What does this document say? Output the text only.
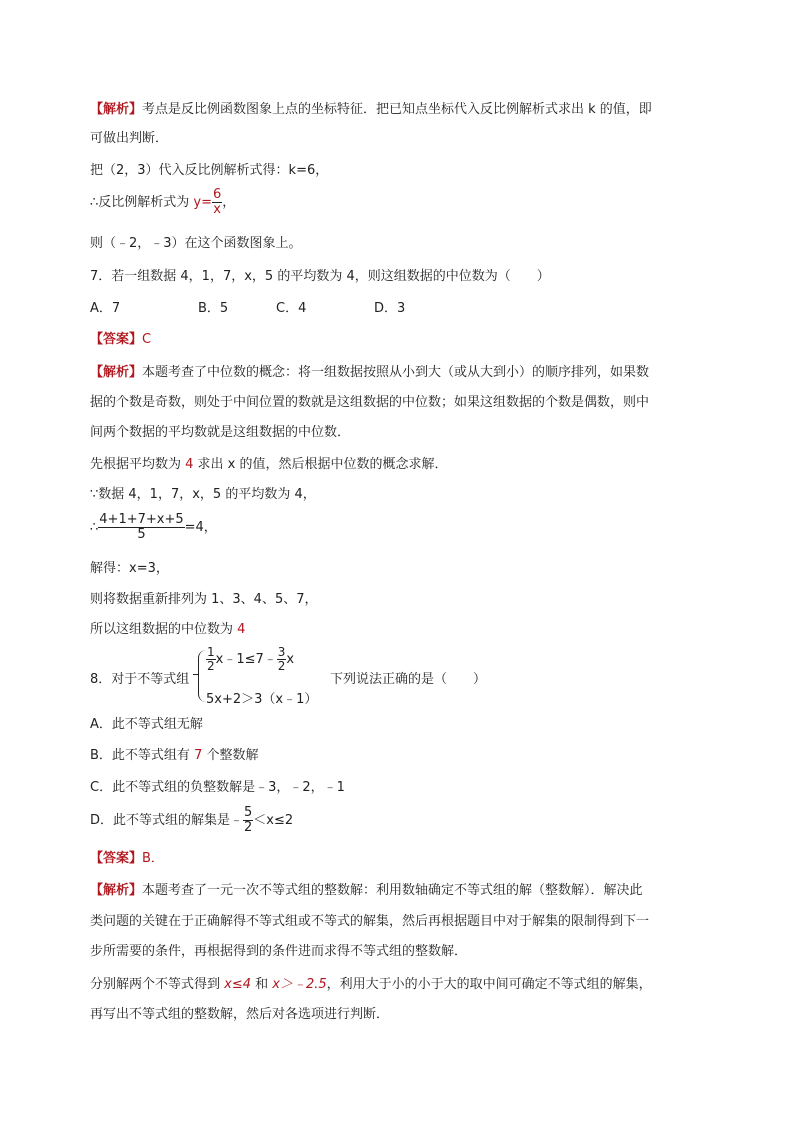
【解析】考点是反比例函数图象上点的坐标特征．把已知点坐标代入反比例解析式求出 k 的值，即
可做出判断．
把（2，3）代入反比例解析式得：k=6，
∴反比例解析式为 $y= \frac{6}{x}$ ，
则（﹣2，﹣3）在这个函数图象上。
7．若一组数据 4，1，7，x，5 的平均数为 4，则这组数据的中位数为（　　）
A．7	B．5	C．4	D．3
【答案】C
【解析】本题考查了中位数的概念：将一组数据按照从小到大（或从大到小）的顺序排列，如果数
据的个数是奇数，则处于中间位置的数就是这组数据的中位数；如果这组数据的个数是偶数，则中
间两个数据的平均数就是这组数据的中位数．
先根据平均数为 4 求出 x 的值，然后根据中位数的概念求解．
∵数据 4，1，7，x，5 的平均数为 4，
∴ $\frac{4+1+7+x+5}{5} =4$，
解得：x=3，
则将数据重新排列为 1、3、4、5、7，
所以这组数据的中位数为 4
8．对于不等式组
$\frac{1}{2}x﹣1\le 7﹣ \frac{3}{2}x$
5x+2＞3（x﹣1）
下列说法正确的是（　　）
A．此不等式组无解
B．此不等式组有 7 个整数解
C．此不等式组的负整数解是﹣3，﹣2，﹣1
D．此不等式组的解集是﹣ $\frac{5}{2} <x\le 2$
【答案】B．
【解析】本题考查了一元一次不等式组的整数解：利用数轴确定不等式组的解（整数解）．解决此
类问题的关键在于正确解得不等式组或不等式的解集，然后再根据题目中对于解集的限制得到下一
步所需要的条件，再根据得到的条件进而求得不等式组的整数解．
分别解两个不等式得到 x≤4 和 x＞﹣2.5，利用大于小的小于大的取中间可确定不等式组的解集，
再写出不等式组的整数解，然后对各选项进行判断．
